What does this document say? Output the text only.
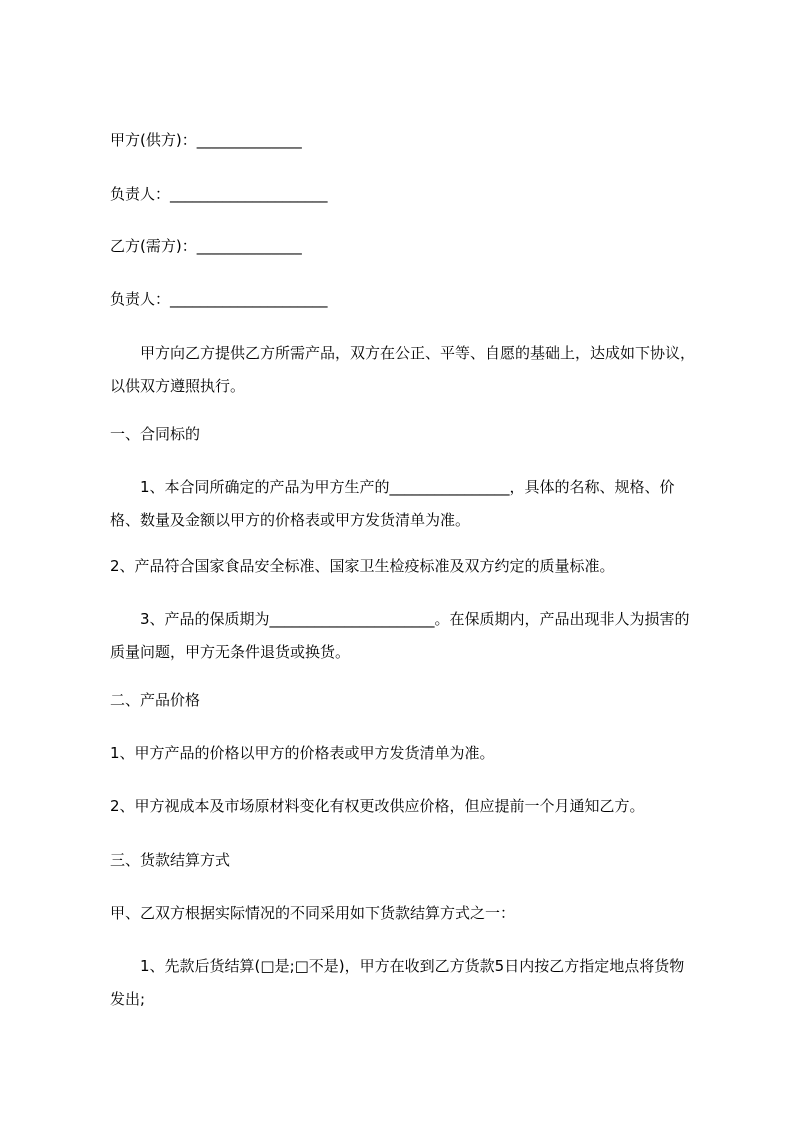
甲方(供方)：______________
负责人：_____________________
乙方(需方)：______________
负责人：_____________________
甲方向乙方提供乙方所需产品，双方在公正、平等、自愿的基础上，达成如下协议，以供双方遵照执行。
一、合同标的
1、本合同所确定的产品为甲方生产的________________，具体的名称、规格、价格、数量及金额以甲方的价格表或甲方发货清单为准。
2、产品符合国家食品安全标准、国家卫生检疫标准及双方约定的质量标准。
3、产品的保质期为______________________。在保质期内，产品出现非人为损害的质量问题，甲方无条件退货或换货。
二、产品价格
1、甲方产品的价格以甲方的价格表或甲方发货清单为准。
2、甲方视成本及市场原材料变化有权更改供应价格，但应提前一个月通知乙方。
三、货款结算方式
甲、乙双方根据实际情况的不同采用如下货款结算方式之一：
1、先款后货结算(□是;□不是)，甲方在收到乙方货款5日内按乙方指定地点将货物发出;
